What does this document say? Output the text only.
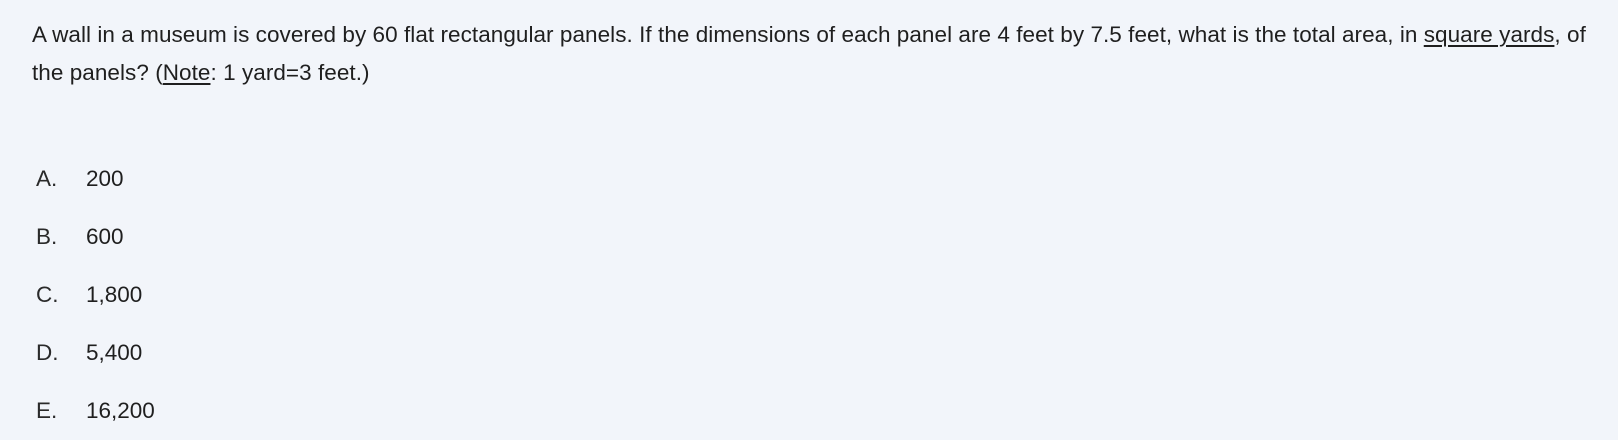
A wall in a museum is covered by 60 flat rectangular panels. If the dimensions of each panel are 4 feet by 7.5 feet, what is the total area, in square yards, of the panels? (Note: 1 yard=3 feet.)

A.	200
B.	600
C.	1,800
D.	5,400
E.	16,200
